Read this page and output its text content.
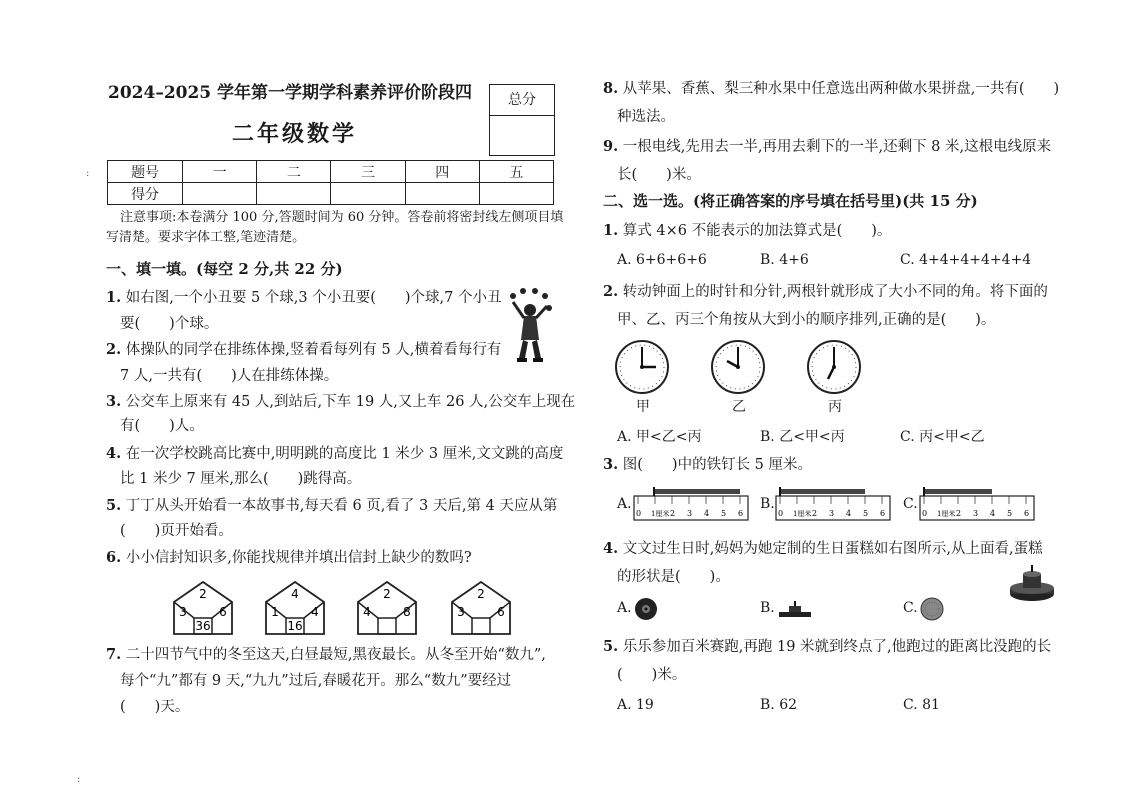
:
:
2024–2025 学年第一学期学科素养评价阶段四
二年级数学
总分
题号	一	二	三	四	五
得分					
注意事项:本卷满分 100 分,答题时间为 60 分钟。答卷前将密封线左侧项目填
写清楚。要求字体工整,笔迹清楚。
一、填一填。(每空 2 分,共 22 分)
1. 如右图,一个小丑要 5 个球,3 个小丑要(　　)个球,7 个小丑
要(　　)个球。
2. 体操队的同学在排练体操,竖着看每列有 5 人,横着看每行有
7 人,一共有(　　)人在排练体操。
3. 公交车上原来有 45 人,到站后,下车 19 人,又上车 26 人,公交车上现在
有(　　)人。
4. 在一次学校跳高比赛中,明明跳的高度比 1 米少 3 厘米,文文跳的高度
比 1 米少 7 厘米,那么(　　)跳得高。
5. 丁丁从头开始看一本故事书,每天看 6 页,看了 3 天后,第 4 天应从第
(　　)页开始看。
6. 小小信封知识多,你能找规律并填出信封上缺少的数吗?
2
3	6
36
4
1	4
16
2
4	8
2
3	6
7. 二十四节气中的冬至这天,白昼最短,黑夜最长。从冬至开始“数九”,
每个“九”都有 9 天,“九九”过后,春暖花开。那么“数九”要经过
(　　)天。
8. 从苹果、香蕉、梨三种水果中任意选出两种做水果拼盘,一共有(　　)
种选法。
9. 一根电线,先用去一半,再用去剩下的一半,还剩下 8 米,这根电线原来
长(　　)米。
二、选一选。(将正确答案的序号填在括号里)(共 15 分)
1. 算式 4×6 不能表示的加法算式是(　　)。
A. 6+6+6+6	B. 4+6	C. 4+4+4+4+4+4
2. 转动钟面上的时针和分针,两根针就形成了大小不同的角。将下面的
甲、乙、丙三个角按从大到小的顺序排列,正确的是(　　)。
甲	乙	丙
A. 甲<乙<丙	B. 乙<甲<丙	C. 丙<甲<乙
3. 图(　　)中的铁钉长 5 厘米。
A.	B.	C.
0 1厘米 2 3 4 5 6	0 1厘米 2 3 4 5 6	0 1厘米 2 3 4 5 6
4. 文文过生日时,妈妈为她定制的生日蛋糕如右图所示,从上面看,蛋糕
的形状是(　　)。
A.	B.	C.
5. 乐乐参加百米赛跑,再跑 19 米就到终点了,他跑过的距离比没跑的长
(　　)米。
A. 19	B. 62	C. 81
